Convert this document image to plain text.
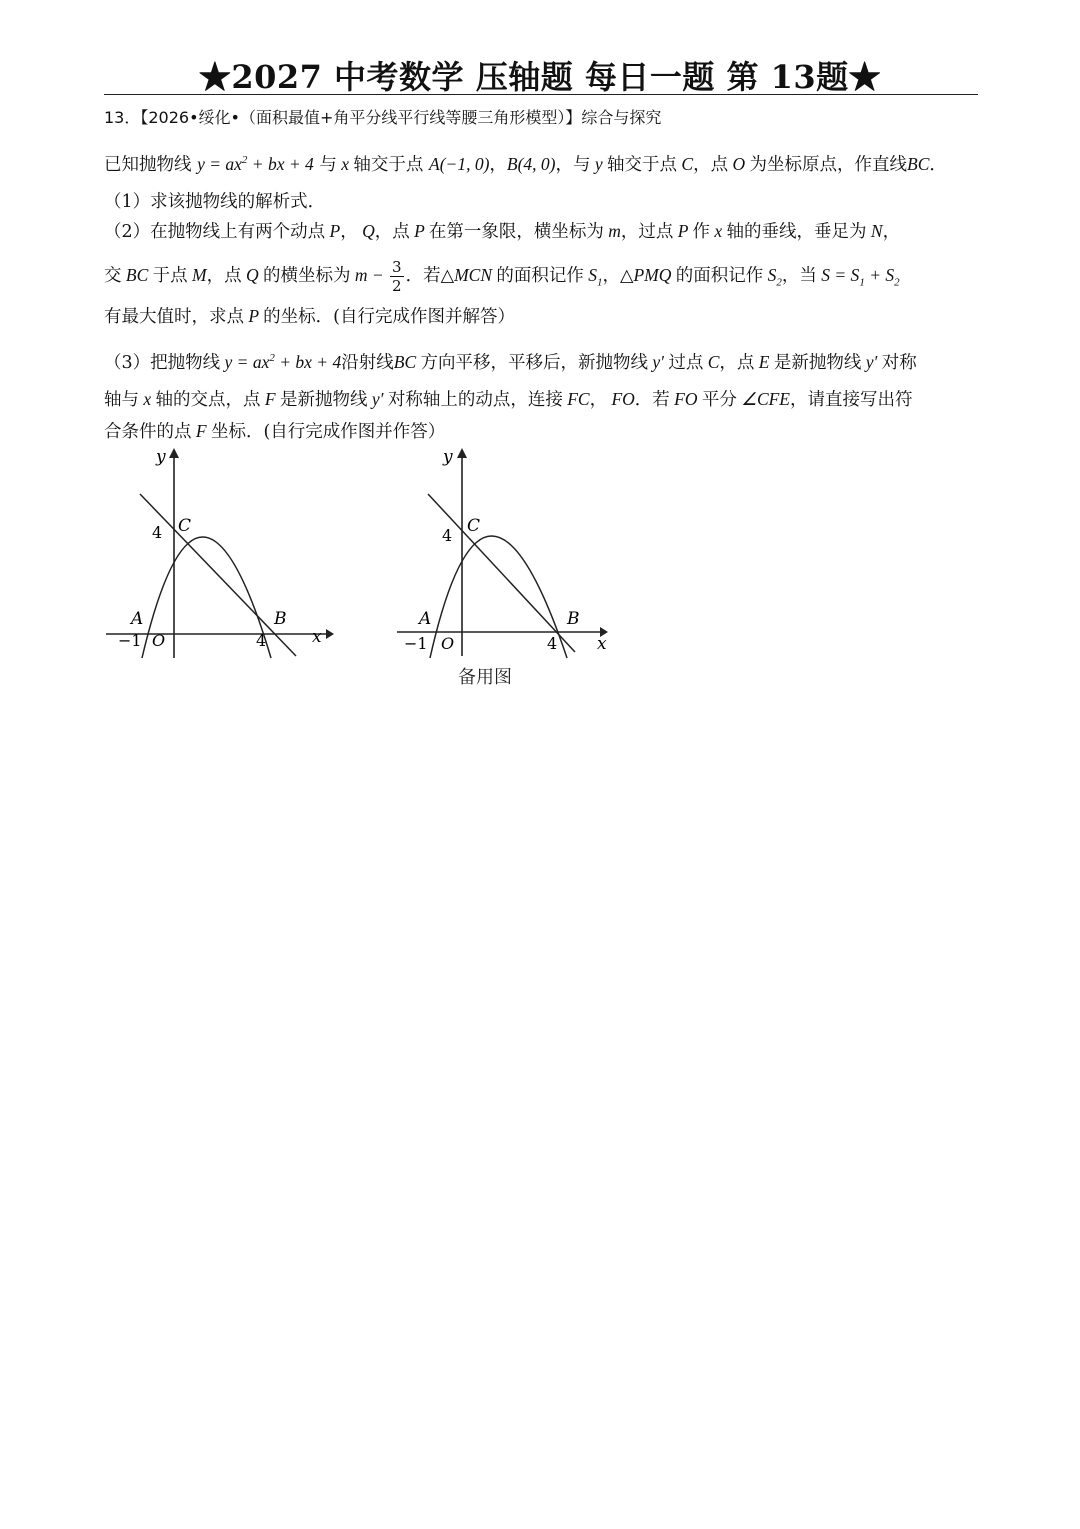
★2027 中考数学 压轴题 每日一题 第 13题★
13．【2026•绥化•（面积最值+角平分线平行线等腰三角形模型）】综合与探究
已知抛物线 $y = ax^2$ + bx + 4 与 x 轴交于点 A(−1, 0)，B(4, 0)，与 y 轴交于点 C，点 O 为坐标原点，作直线BC．
（1）求该抛物线的解析式．
（2）在抛物线上有两个动点 P， Q，点 P 在第一象限，横坐标为 m，过点 P 作 x 轴的垂线，垂足为 N，
交 BC 于点 M，点 Q 的横坐标为 $m - \frac{3}{2}$ ．若△MCN 的面积记作 $S_1$，△PMQ 的面积记作 $S_2$，当 $S = S_1 + S_2$
有最大值时，求点 P 的坐标．(自行完成作图并解答）
（3）把抛物线 $y = ax^2$ + bx + 4沿射线BC 方向平移，平移后，新抛物线 y′ 过点 C，点 E 是新抛物线 y′ 对称
轴与 x 轴的交点，点 F 是新抛物线 y′ 对称轴上的动点，连接 FC， FO．若 FO 平分 ∠CFE，请直接写出符
合条件的点 F 坐标．(自行完成作图并作答）
y
x
C
4
A	B
−1 O	4
y
x
C
4
A	B
−1 O	4
备用图
